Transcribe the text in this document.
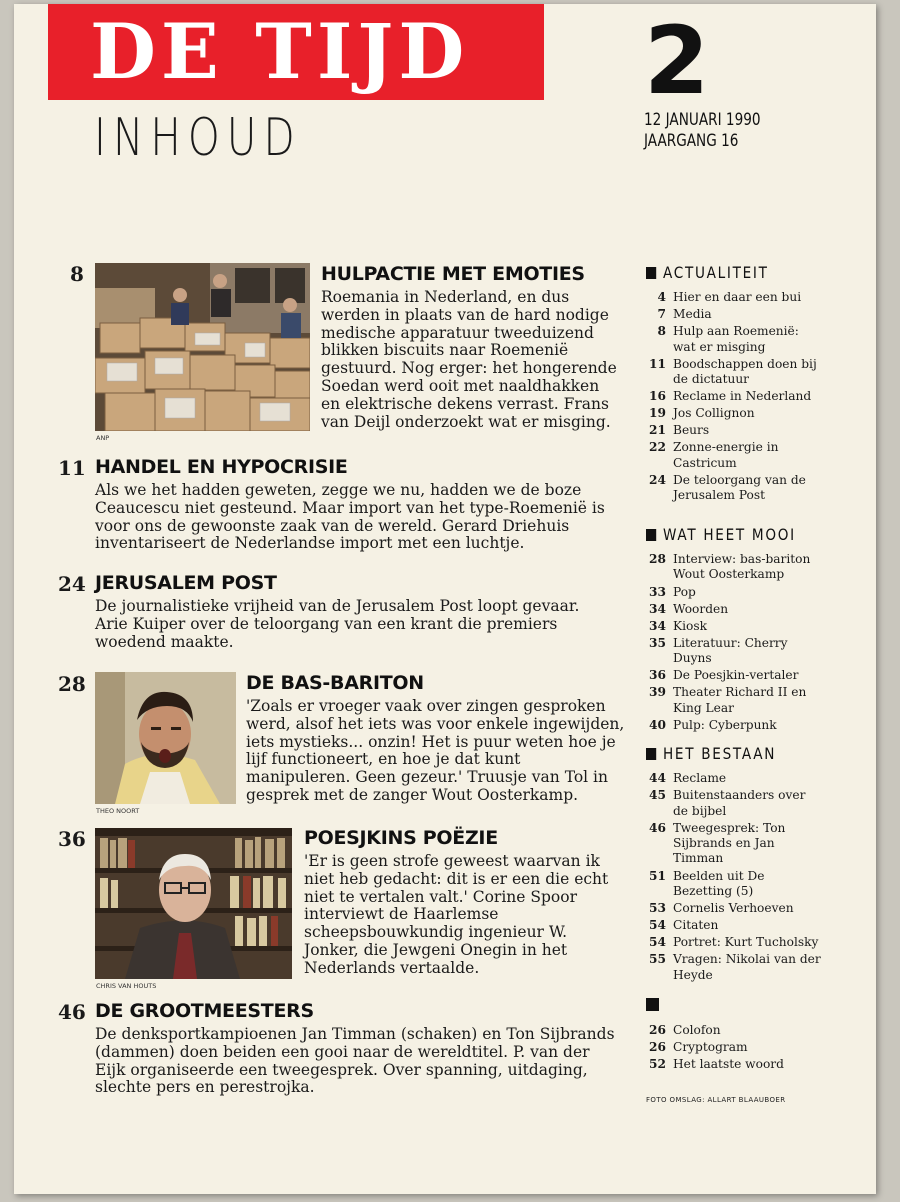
DE TIJD
INHOUD
2
12 JANUARI 1990
JAARGANG 16
8
ANP
HULPACTIE MET EMOTIES
Roemania in Nederland, en dus
werden in plaats van de hard nodige
medische apparatuur tweeduizend
blikken biscuits naar Roemenië
gestuurd. Nog erger: het hongerende
Soedan werd ooit met naaldhakken
en elektrische dekens verrast. Frans
van Deijl onderzoekt wat er misging.
11 HANDEL EN HYPOCRISIE
Als we het hadden geweten, zegge we nu, hadden we de boze
Ceaucescu niet gesteund. Maar import van het type-Roemenië is
voor ons de gewoonste zaak van de wereld. Gerard Driehuis
inventariseert de Nederlandse import met een luchtje.
24 JERUSALEM POST
De journalistieke vrijheid van de Jerusalem Post loopt gevaar.
Arie Kuiper over de teloorgang van een krant die premiers
woedend maakte.
28
THEO NOORT
DE BAS-BARITON
'Zoals er vroeger vaak over zingen gesproken
werd, alsof het iets was voor enkele ingewijden,
iets mystieks... onzin! Het is puur weten hoe je
lijf functioneert, en hoe je dat kunt
manipuleren. Geen gezeur.' Truusje van Tol in
gesprek met de zanger Wout Oosterkamp.
36
CHRIS VAN HOUTS
POESJKINS POËZIE
'Er is geen strofe geweest waarvan ik
niet heb gedacht: dit is er een die echt
niet te vertalen valt.' Corine Spoor
interviewt de Haarlemse
scheepsbouwkundig ingenieur W.
Jonker, die Jewgeni Onegin in het
Nederlands vertaalde.
46 DE GROOTMEESTERS
De denksportkampioenen Jan Timman (schaken) en Ton Sijbrands
(dammen) doen beiden een gooi naar de wereldtitel. P. van der
Eijk organiseerde een tweegesprek. Over spanning, uitdaging,
slechte pers en perestrojka.
ACTUALITEIT
4 Hier en daar een bui
7 Media
8 Hulp aan Roemenië: wat er misging
11 Boodschappen doen bij de dictatuur
16 Reclame in Nederland
19 Jos Collignon
21 Beurs
22 Zonne-energie in Castricum
24 De teloorgang van de Jerusalem Post
WAT HEET MOOI
28 Interview: bas-bariton Wout Oosterkamp
33 Pop
34 Woorden
34 Kiosk
35 Literatuur: Cherry Duyns
36 De Poesjkin-vertaler
39 Theater Richard II en King Lear
40 Pulp: Cyberpunk
HET BESTAAN
44 Reclame
45 Buitenstaanders over de bijbel
46 Tweegesprek: Ton Sijbrands en Jan Timman
51 Beelden uit De Bezetting (5)
53 Cornelis Verhoeven
54 Citaten
54 Portret: Kurt Tucholsky
55 Vragen: Nikolai van der Heyde
26 Colofon
26 Cryptogram
52 Het laatste woord
FOTO OMSLAG: ALLART BLAAUBOER
